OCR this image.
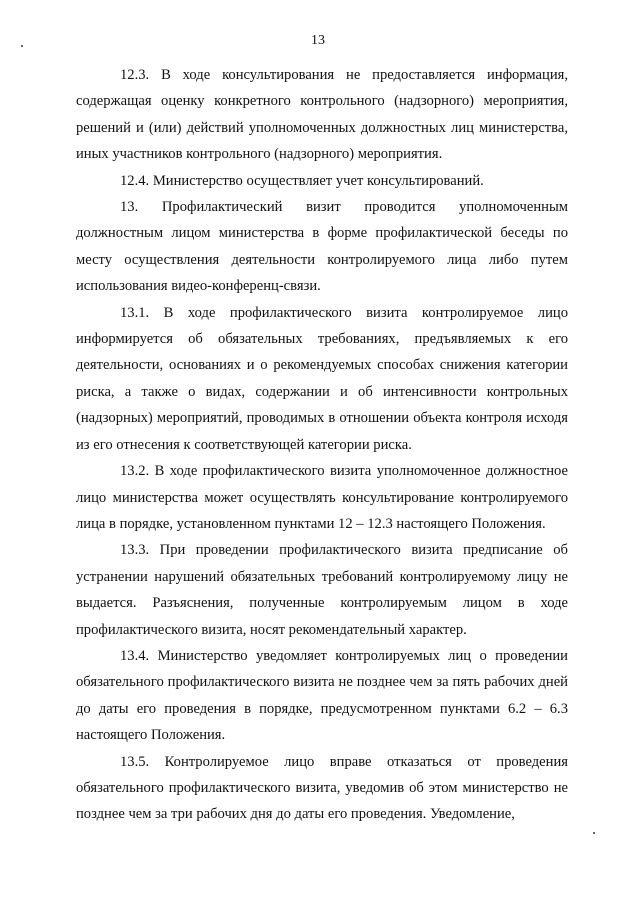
13

12.3. В ходе консультирования не предоставляется информация, содержащая оценку конкретного контрольного (надзорного) мероприятия, решений и (или) действий уполномоченных должностных лиц министерства, иных участников контрольного (надзорного) мероприятия.

12.4. Министерство осуществляет учет консультирований.

13. Профилактический визит проводится уполномоченным должностным лицом министерства в форме профилактической беседы по месту осуществления деятельности контролируемого лица либо путем использования видео-конференц-связи.

13.1. В ходе профилактического визита контролируемое лицо информируется об обязательных требованиях, предъявляемых к его деятельности, основаниях и о рекомендуемых способах снижения категории риска, а также о видах, содержании и об интенсивности контрольных (надзорных) мероприятий, проводимых в отношении объекта контроля исходя из его отнесения к соответствующей категории риска.

13.2. В ходе профилактического визита уполномоченное должностное лицо министерства может осуществлять консультирование контролируемого лица в порядке, установленном пунктами 12 – 12.3 настоящего Положения.

13.3. При проведении профилактического визита предписание об устранении нарушений обязательных требований контролируемому лицу не выдается. Разъяснения, полученные контролируемым лицом в ходе профилактического визита, носят рекомендательный характер.

13.4. Министерство уведомляет контролируемых лиц о проведении обязательного профилактического визита не позднее чем за пять рабочих дней до даты его проведения в порядке, предусмотренном пунктами 6.2 – 6.3 настоящего Положения.

13.5. Контролируемое лицо вправе отказаться от проведения обязательного профилактического визита, уведомив об этом министерство не позднее чем за три рабочих дня до даты его проведения. Уведомление,
